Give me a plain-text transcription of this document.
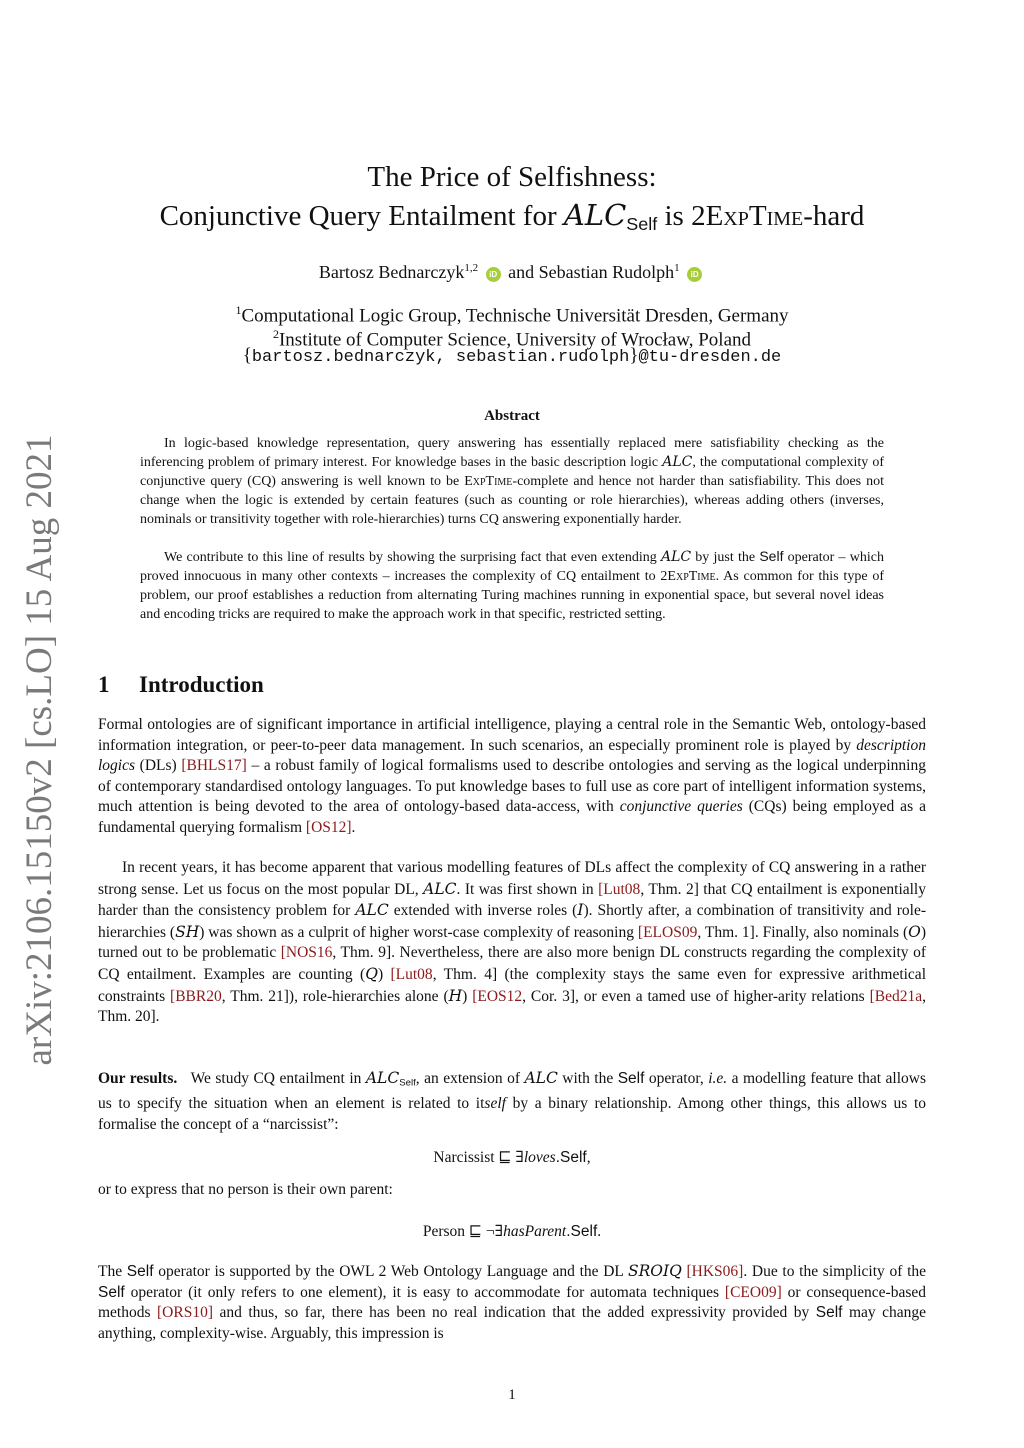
arXiv:2106.15150v2 [cs.LO] 15 Aug 2021
The Price of Selfishness:
Conjunctive Query Entailment for $ALC_{Self}$ is 2ExpTime-hard
Bartosz Bednarczyk$^{1,2}$ iD and Sebastian Rudolph$^1$ iD
$^1$Computational Logic Group, Technische Universität Dresden, Germany
$^2$Institute of Computer Science, University of Wrocław, Poland
{bartosz.bednarczyk, sebastian.rudolph}@tu-dresden.de
Abstract

In logic-based knowledge representation, query answering has essentially replaced mere satisfiability checking as the inferencing problem of primary interest. For knowledge bases in the basic description logic ALC, the computational complexity of conjunctive query (CQ) answering is well known to be ExpTime-complete and hence not harder than satisfiability. This does not change when the logic is extended by certain features (such as counting or role hierarchies), whereas adding others (inverses, nominals or transitivity together with role-hierarchies) turns CQ answering exponentially harder.

We contribute to this line of results by showing the surprising fact that even extending ALC by just the Self operator – which proved innocuous in many other contexts – increases the complexity of CQ entailment to 2ExpTime. As common for this type of problem, our proof establishes a reduction from alternating Turing machines running in exponential space, but several novel ideas and encoding tricks are required to make the approach work in that specific, restricted setting.

1 Introduction

Formal ontologies are of significant importance in artificial intelligence, playing a central role in the Semantic Web, ontology-based information integration, or peer-to-peer data management. In such scenarios, an especially prominent role is played by description logics (DLs) [BHLS17] – a robust family of logical formalisms used to describe ontologies and serving as the logical underpinning of contemporary standardised ontology languages. To put knowledge bases to full use as core part of intelligent information systems, much attention is being devoted to the area of ontology-based data-access, with conjunctive queries (CQs) being employed as a fundamental querying formalism [OS12].

In recent years, it has become apparent that various modelling features of DLs affect the complexity of CQ answering in a rather strong sense. Let us focus on the most popular DL, ALC. It was first shown in [Lut08, Thm. 2] that CQ entailment is exponentially harder than the consistency problem for ALC extended with inverse roles (I). Shortly after, a combination of transitivity and role-hierarchies (SH) was shown as a culprit of higher worst-case complexity of reasoning [ELOS09, Thm. 1]. Finally, also nominals (O) turned out to be problematic [NOS16, Thm. 9]. Nevertheless, there are also more benign DL constructs regarding the complexity of CQ entailment. Examples are counting (Q) [Lut08, Thm. 4] (the complexity stays the same even for expressive arithmetical constraints [BBR20, Thm. 21]), role-hierarchies alone (H) [EOS12, Cor. 3], or even a tamed use of higher-arity relations [Bed21a, Thm. 20].

Our results. We study CQ entailment in $ALC_{Self}$, an extension of ALC with the Self operator, i.e. a modelling feature that allows us to specify the situation when an element is related to itself by a binary relationship. Among other things, this allows us to formalise the concept of a “narcissist”:

Narcissist ⊑ ∃loves.Self,

or to express that no person is their own parent:

Person ⊑ ¬∃hasParent.Self.

The Self operator is supported by the OWL 2 Web Ontology Language and the DL SROIQ [HKS06]. Due to the simplicity of the Self operator (it only refers to one element), it is easy to accommodate for automata techniques [CEO09] or consequence-based methods [ORS10] and thus, so far, there has been no real indication that the added expressivity provided by Self may change anything, complexity-wise. Arguably, this impression is

1
